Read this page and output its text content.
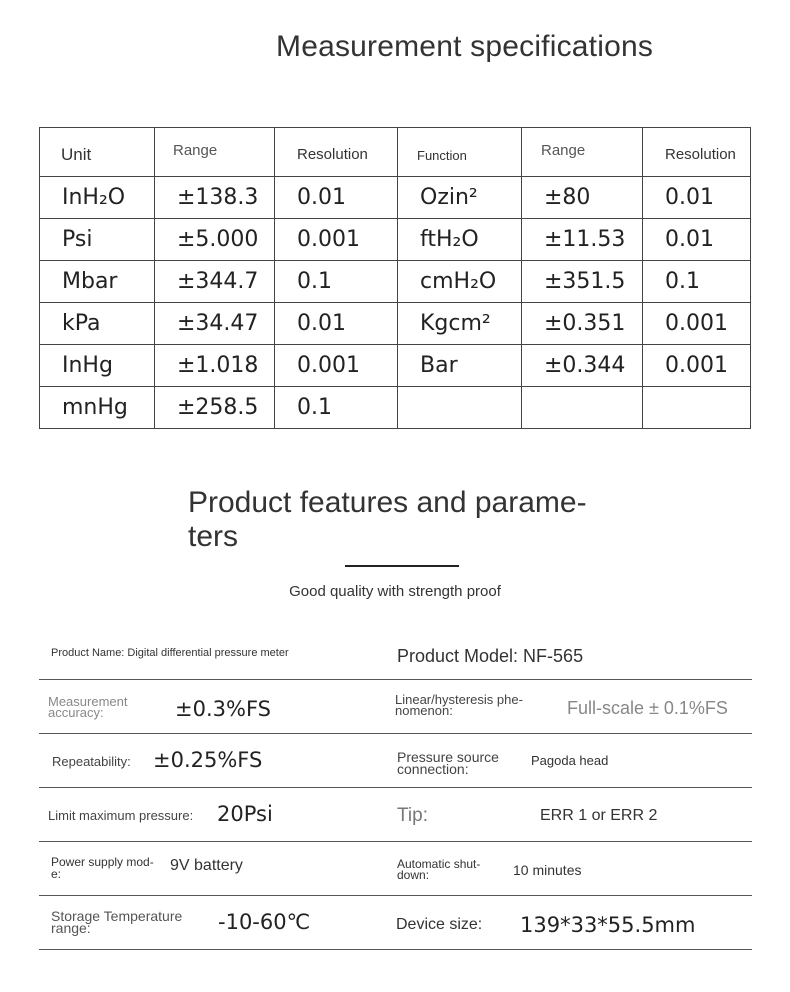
Measurement specifications
Unit	Range	Resolution	Function	Range	Resolution
InH₂O	±138.3	0.01	Ozin²	±80	0.01
Psi	±5.000	0.001	ftH₂O	±11.53	0.01
Mbar	±344.7	0.1	cmH₂O	±351.5	0.1
kPa	±34.47	0.01	Kgcm²	±0.351	0.001
InHg	±1.018	0.001	Bar	±0.344	0.001
mnHg	±258.5	0.1			
Product features and parame-
ters
Good quality with strength proof
Product Name: Digital differential pressure meter	Product Model: NF-565
Measurement
accuracy:	±0.3%FS	Linear/hysteresis phe-
nomenon:	Full-scale ± 0.1%FS
Repeatability: ±0.25%FS	Pressure source
connection:
Pagoda head
Limit maximum pressure: 20Psi	Tip:	ERR 1 or ERR 2
Power supply mod-
e:	9V battery	Automatic shut-
down:	10 minutes
Storage Temperature
range:	-10-60℃	Device size: 139*33*55.5mm
